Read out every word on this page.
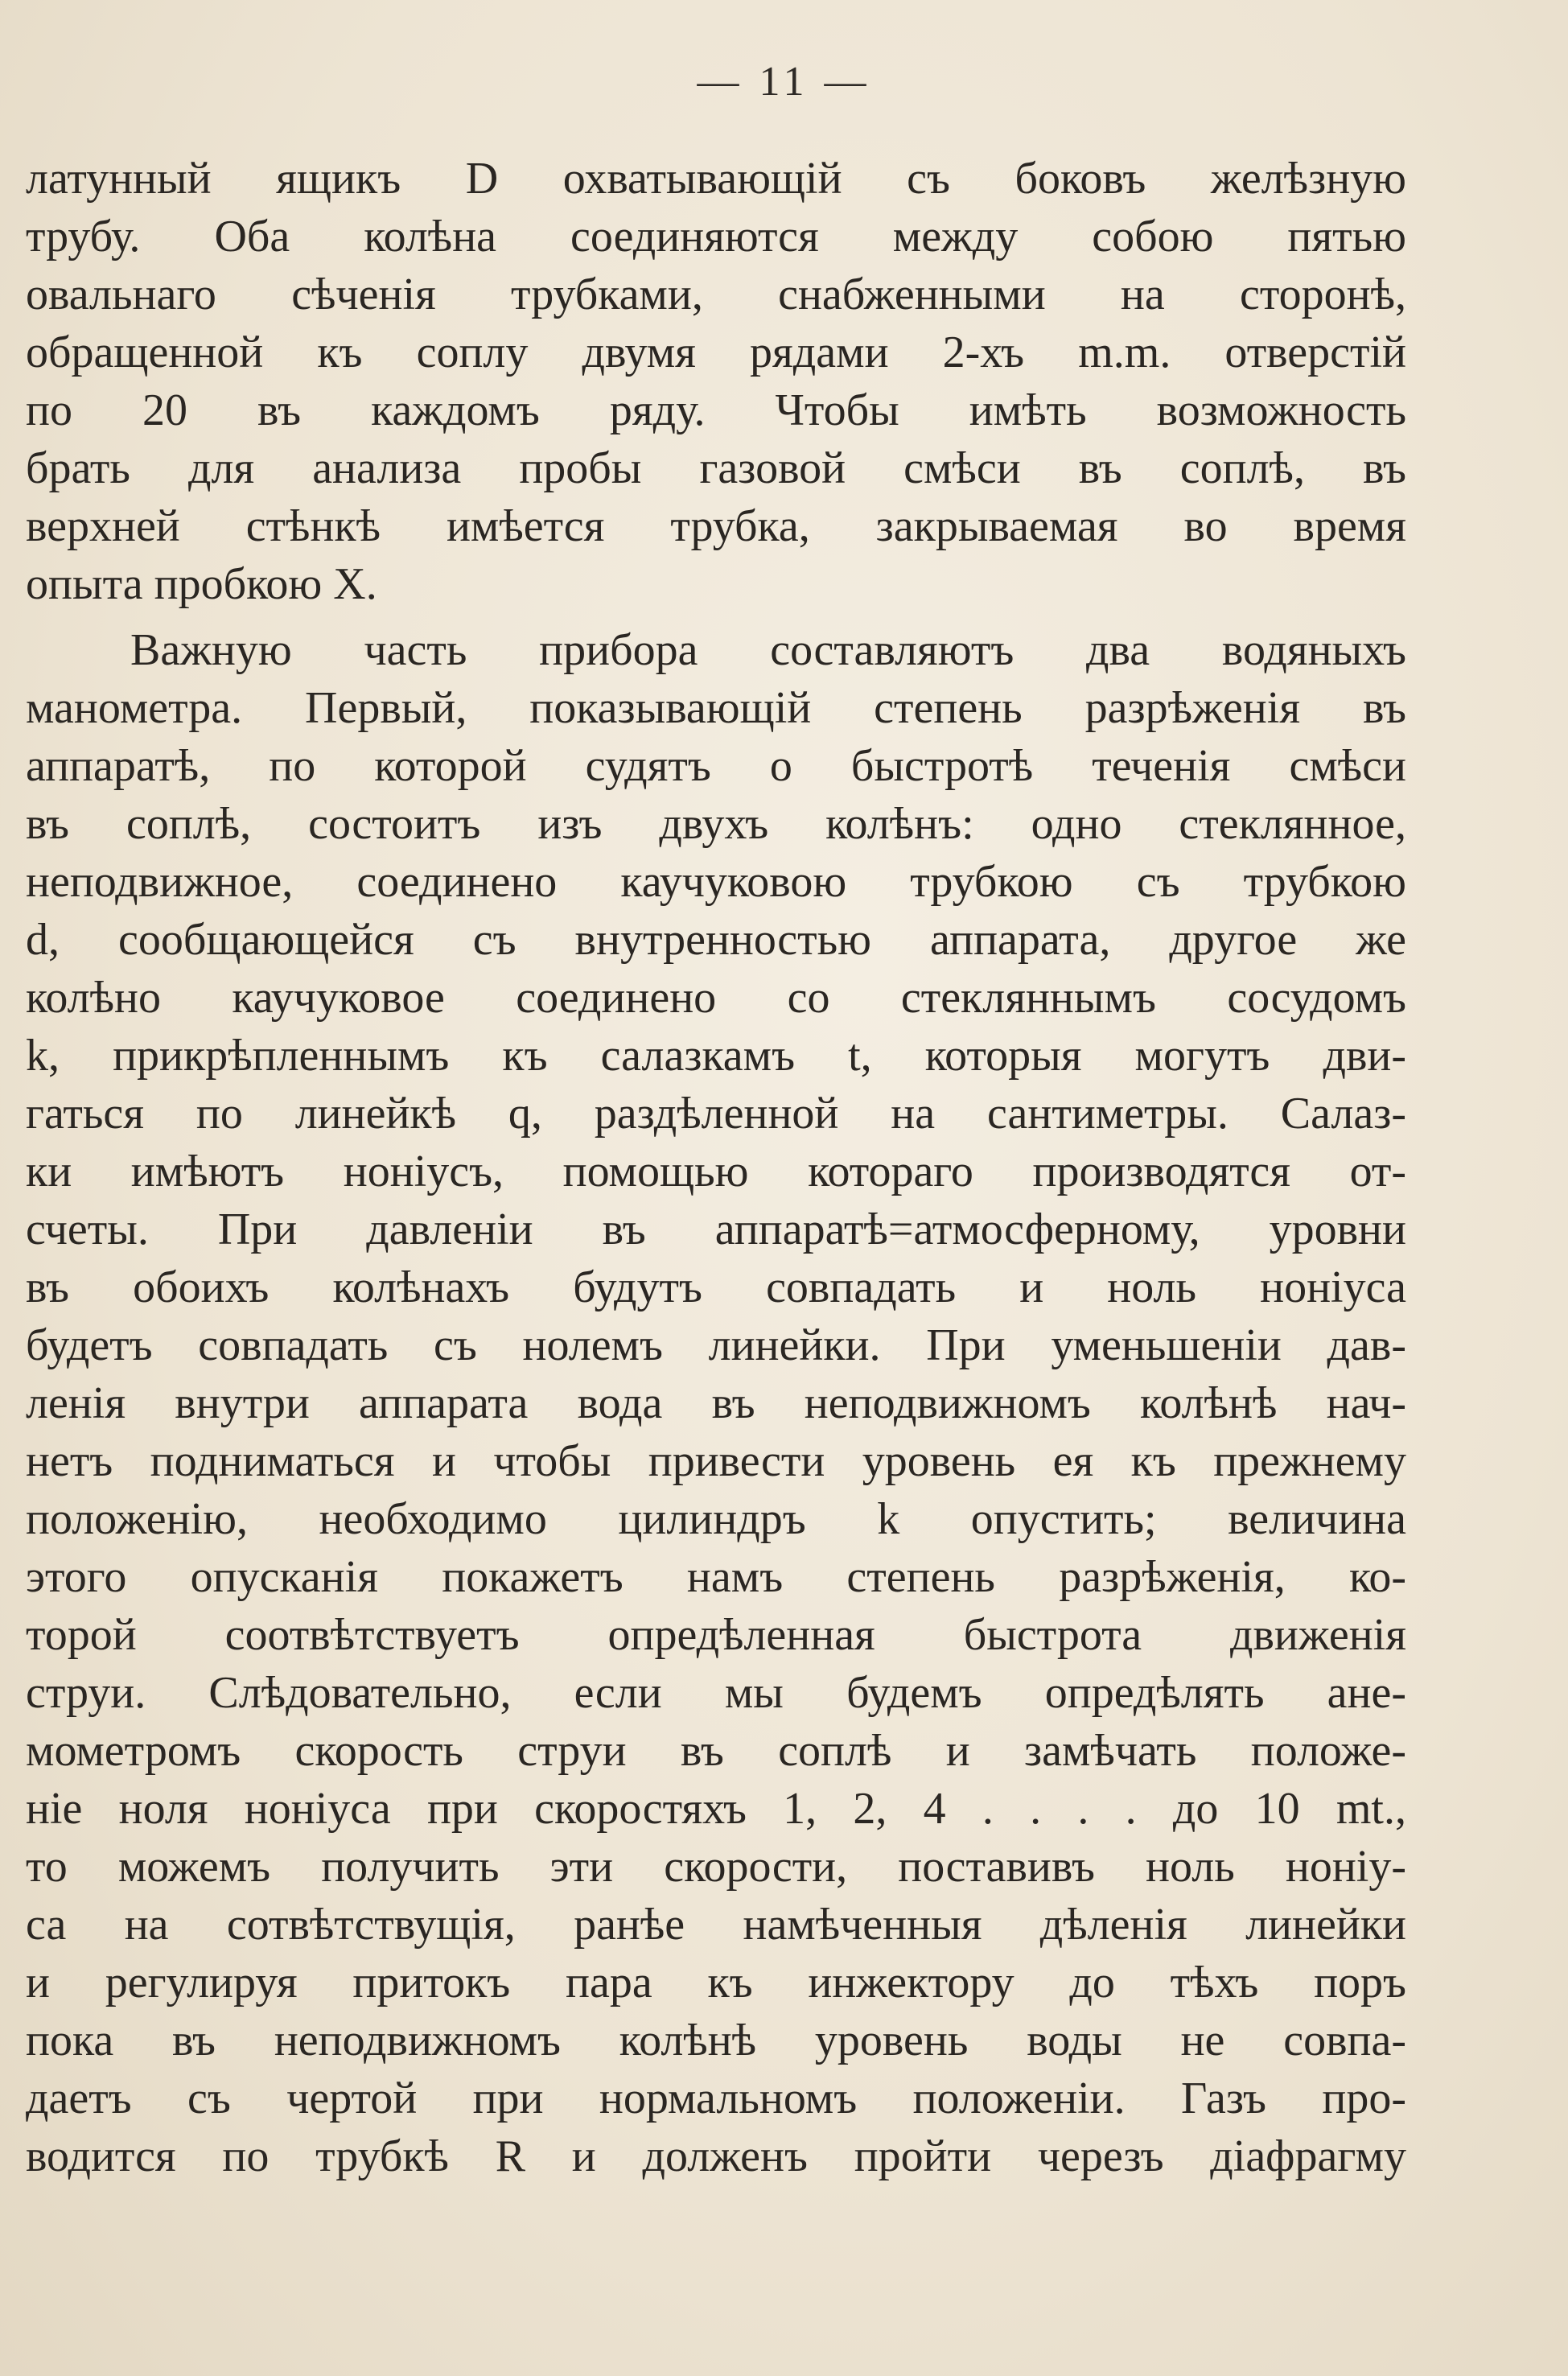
— 11 —
латунный ящикъ D охватывающій съ боковъ желѣзную
трубу. Оба колѣна соединяются между собою пятью
овальнаго сѣченія трубками, снабженными на сторонѣ,
обращенной къ соплу двумя рядами 2-хъ m.m. отверстій
по 20 въ каждомъ ряду. Чтобы имѣть возможность
брать для анализа пробы газовой смѣси въ соплѣ, въ
верхней стѣнкѣ имѣется трубка, закрываемая во время
опыта пробкою X.
Важную часть прибора составляютъ два водяныхъ
манометра. Первый, показывающій степень разрѣженія въ
аппаратѣ, по которой судятъ о быстротѣ теченія смѣси
въ соплѣ, состоитъ изъ двухъ колѣнъ: одно стеклянное,
неподвижное, соединено каучуковою трубкою съ трубкою
d, сообщающейся съ внутренностью аппарата, другое же
колѣно каучуковое соединено со стекляннымъ сосудомъ
k, прикрѣпленнымъ къ салазкамъ t, которыя могутъ дви-
гаться по линейкѣ q, раздѣленной на сантиметры. Салаз-
ки имѣютъ ноніусъ, помощью котораго производятся от-
счеты. При давленіи въ аппаратѣ=атмосферному, уровни
въ обоихъ колѣнахъ будутъ совпадать и ноль ноніуса
будетъ совпадать съ нолемъ линейки. При уменьшеніи дав-
ленія внутри аппарата вода въ неподвижномъ колѣнѣ нач-
нетъ подниматься и чтобы привести уровень ея къ прежнему
положенію, необходимо цилиндръ k опустить; величина
этого опусканія покажетъ намъ степень разрѣженія, ко-
торой соотвѣтствуетъ опредѣленная быстрота движенія
струи. Слѣдовательно, если мы будемъ опредѣлять ане-
мометромъ скорость струи въ соплѣ и замѣчать положе-
ніе ноля ноніуса при скоростяхъ 1, 2, 4 . . . . до 10 mt.,
то можемъ получить эти скорости, поставивъ ноль ноніу-
са на сотвѣтствущія, ранѣе намѣченныя дѣленія линейки
и регулируя притокъ пара къ инжектору до тѣхъ поръ
пока въ неподвижномъ колѣнѣ уровень воды не совпа-
даетъ съ чертой при нормальномъ положеніи. Газъ про-
водится по трубкѣ R и долженъ пройти черезъ діафрагму
